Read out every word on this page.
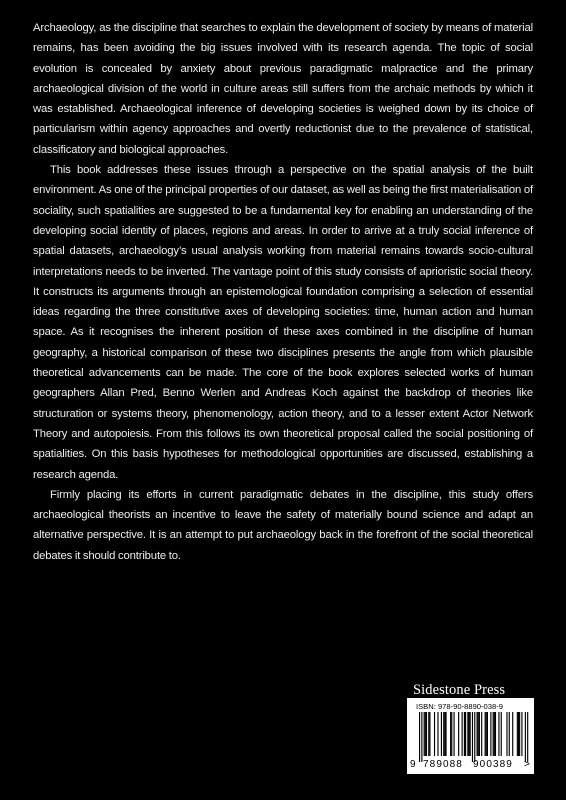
Archaeology, as the discipline that searches to explain the development of society by means of material remains, has been avoiding the big issues involved with its research agenda. The topic of social evolution is concealed by anxiety about previous paradigmatic malpractice and the primary archaeological division of the world in culture areas still suffers from the archaic methods by which it was established. Archaeological inference of developing societies is weighed down by its choice of particularism within agency approaches and overtly reductionist due to the prevalence of statistical, classificatory and biological approaches.

This book addresses these issues through a perspective on the spatial analysis of the built environment. As one of the principal properties of our dataset, as well as being the first materialisation of sociality, such spatialities are suggested to be a fundamental key for enabling an understanding of the developing social identity of places, regions and areas. In order to arrive at a truly social inference of spatial datasets, archaeology’s usual analysis working from material remains towards socio-cultural interpretations needs to be inverted. The vantage point of this study consists of aprioristic social theory. It constructs its arguments through an epistemological foundation comprising a selection of essential ideas regarding the three constitutive axes of developing societies: time, human action and human space. As it recognises the inherent position of these axes combined in the discipline of human geography, a historical comparison of these two disciplines presents the angle from which plausible theoretical advancements can be made. The core of the book explores selected works of human geographers Allan Pred, Benno Werlen and Andreas Koch against the backdrop of theories like structuration or systems theory, phenomenology, action theory, and to a lesser extent Actor Network Theory and autopoiesis. From this follows its own theoretical proposal called the social positioning of spatialities. On this basis hypotheses for methodological opportunities are discussed, establishing a research agenda.

Firmly placing its efforts in current paradigmatic debates in the discipline, this study offers archaeological theorists an incentive to leave the safety of materially bound science and adapt an alternative perspective. It is an attempt to put archaeology back in the forefront of the social theoretical debates it should contribute to.

Sidestone Press
ISBN: 978-90-8890-038-9
9 789088 900389 >
